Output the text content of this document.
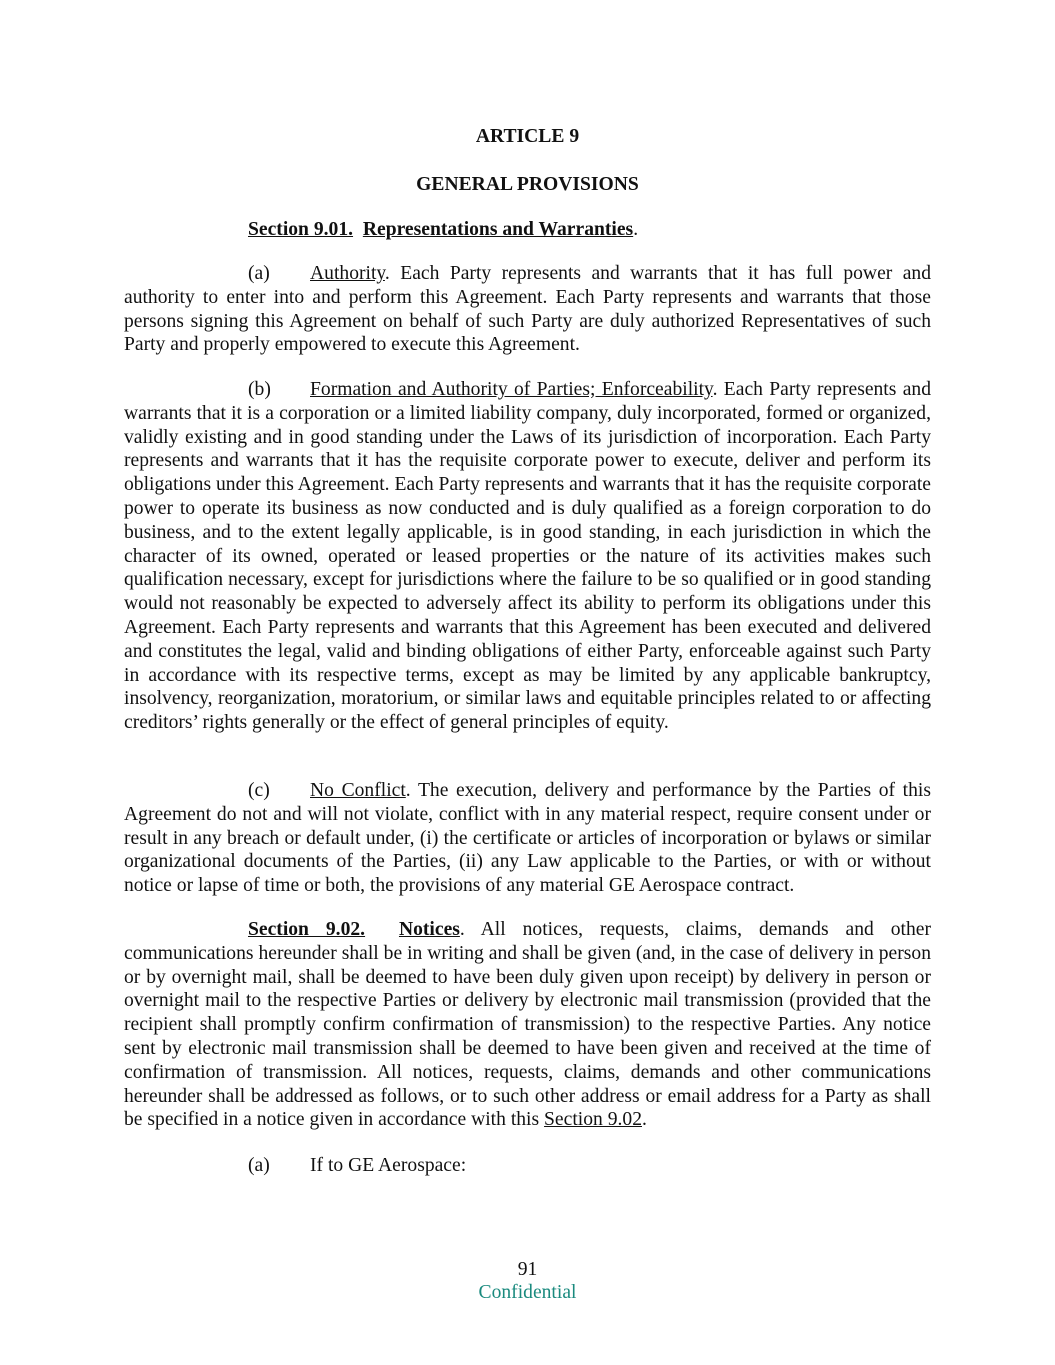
ARTICLE 9

GENERAL PROVISIONS

Section 9.01. Representations and Warranties.

(a) Authority. Each Party represents and warrants that it has full power and authority to enter into and perform this Agreement. Each Party represents and warrants that those persons signing this Agreement on behalf of such Party are duly authorized Representatives of such Party and properly empowered to execute this Agreement.

(b) Formation and Authority of Parties; Enforceability. Each Party represents and warrants that it is a corporation or a limited liability company, duly incorporated, formed or organized, validly existing and in good standing under the Laws of its jurisdiction of incorporation. Each Party represents and warrants that it has the requisite corporate power to execute, deliver and perform its obligations under this Agreement. Each Party represents and warrants that it has the requisite corporate power to operate its business as now conducted and is duly qualified as a foreign corporation to do business, and to the extent legally applicable, is in good standing, in each jurisdiction in which the character of its owned, operated or leased properties or the nature of its activities makes such qualification necessary, except for jurisdictions where the failure to be so qualified or in good standing would not reasonably be expected to adversely affect its ability to perform its obligations under this Agreement. Each Party represents and warrants that this Agreement has been executed and delivered and constitutes the legal, valid and binding obligations of either Party, enforceable against such Party in accordance with its respective terms, except as may be limited by any applicable bankruptcy, insolvency, reorganization, moratorium, or similar laws and equitable principles related to or affecting creditors’ rights generally or the effect of general principles of equity.

(c) No Conflict. The execution, delivery and performance by the Parties of this Agreement do not and will not violate, conflict with in any material respect, require consent under or result in any breach or default under, (i) the certificate or articles of incorporation or bylaws or similar organizational documents of the Parties, (ii) any Law applicable to the Parties, or with or without notice or lapse of time or both, the provisions of any material GE Aerospace contract.

Section 9.02. Notices. All notices, requests, claims, demands and other communications hereunder shall be in writing and shall be given (and, in the case of delivery in person or by overnight mail, shall be deemed to have been duly given upon receipt) by delivery in person or overnight mail to the respective Parties or delivery by electronic mail transmission (provided that the recipient shall promptly confirm confirmation of transmission) to the respective Parties. Any notice sent by electronic mail transmission shall be deemed to have been given and received at the time of confirmation of transmission. All notices, requests, claims, demands and other communications hereunder shall be addressed as follows, or to such other address or email address for a Party as shall be specified in a notice given in accordance with this Section 9.02.

(a) If to GE Aerospace:

91

Confidential
